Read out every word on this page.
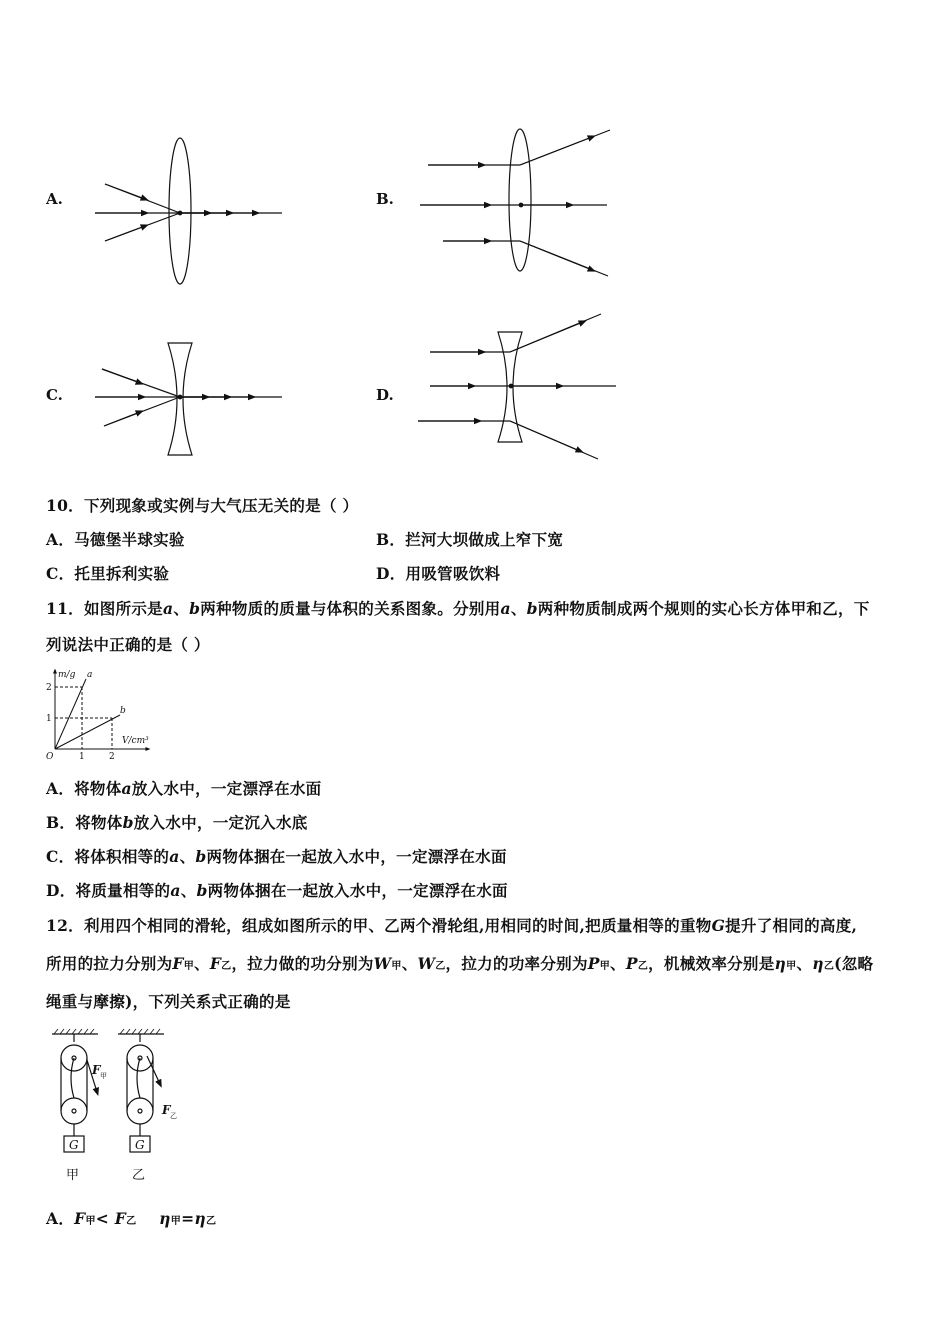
A.	B.
C.	D.
10．下列现象或实例与大气压无关的是（ ）
A．马德堡半球实验	B．拦河大坝做成上窄下宽
C．托里拆利实验	D．用吸管吸饮料
11．如图所示是a、b两种物质的质量与体积的关系图象。分别用a、b两种物质制成两个规则的实心长方体甲和乙，下
列说法中正确的是（ ）
m/g
V/cm³
O
1
2
1	2
a
b
A．将物体a放入水中，一定漂浮在水面
B．将物体b放入水中，一定沉入水底
C．将体积相等的a、b两物体捆在一起放入水中，一定漂浮在水面
D．将质量相等的a、b两物体捆在一起放入水中，一定漂浮在水面
12．利用四个相同的滑轮，组成如图所示的甲、乙两个滑轮组,用相同的时间,把质量相等的重物G提升了相同的高度,
所用的拉力分别为F甲、F乙，拉力做的功分别为W甲、W乙，拉力的功率分别为P甲、P乙，机械效率分别是η甲、η乙(忽略
绳重与摩擦)，下列关系式正确的是
G	G
F 甲
F 乙
甲	乙
A．F甲< F乙 η甲=η乙
